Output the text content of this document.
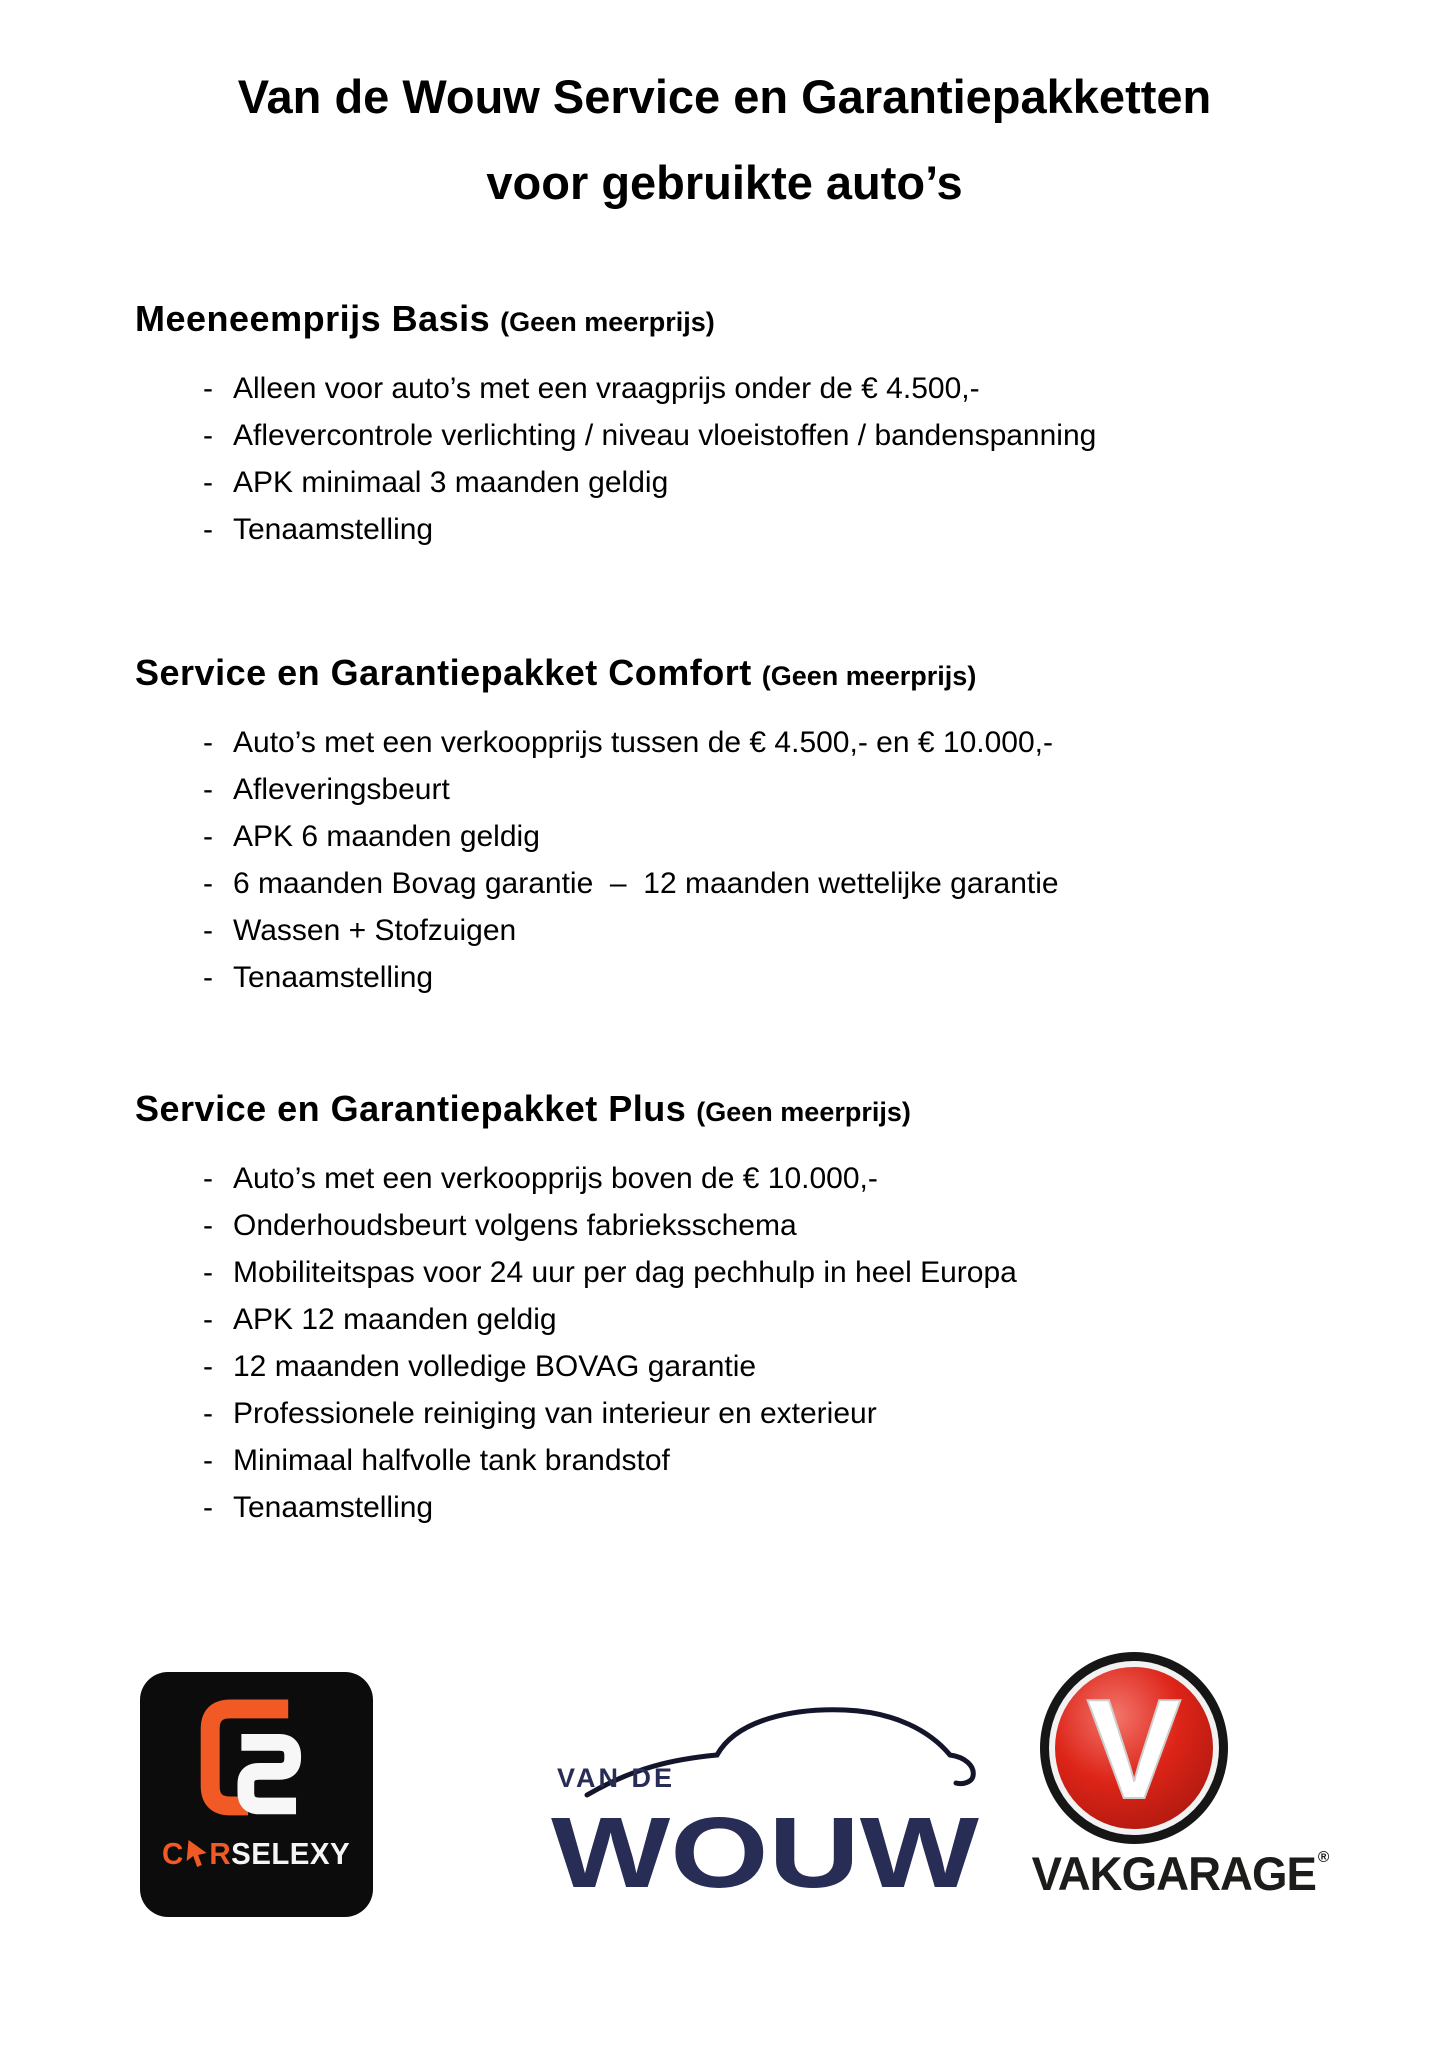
Van de Wouw Service en Garantiepakketten
voor gebruikte auto’s
Meeneemprijs Basis (Geen meerprijs)
- Alleen voor auto’s met een vraagprijs onder de € 4.500,-
- Aflevercontrole verlichting / niveau vloeistoffen / bandenspanning
- APK minimaal 3 maanden geldig
- Tenaamstelling
Service en Garantiepakket Comfort (Geen meerprijs)
- Auto’s met een verkoopprijs tussen de € 4.500,- en € 10.000,-
- Afleveringsbeurt
- APK 6 maanden geldig
- 6 maanden Bovag garantie  –  12 maanden wettelijke garantie
- Wassen + Stofzuigen
- Tenaamstelling
Service en Garantiepakket Plus (Geen meerprijs)
- Auto’s met een verkoopprijs boven de € 10.000,-
- Onderhoudsbeurt volgens fabrieksschema
- Mobiliteitspas voor 24 uur per dag pechhulp in heel Europa
- APK 12 maanden geldig
- 12 maanden volledige BOVAG garantie
- Professionele reiniging van interieur en exterieur
- Minimaal halfvolle tank brandstof
- Tenaamstelling
C R SELEXY
VAN DE
WOUW
V
VAKGARAGE ®
